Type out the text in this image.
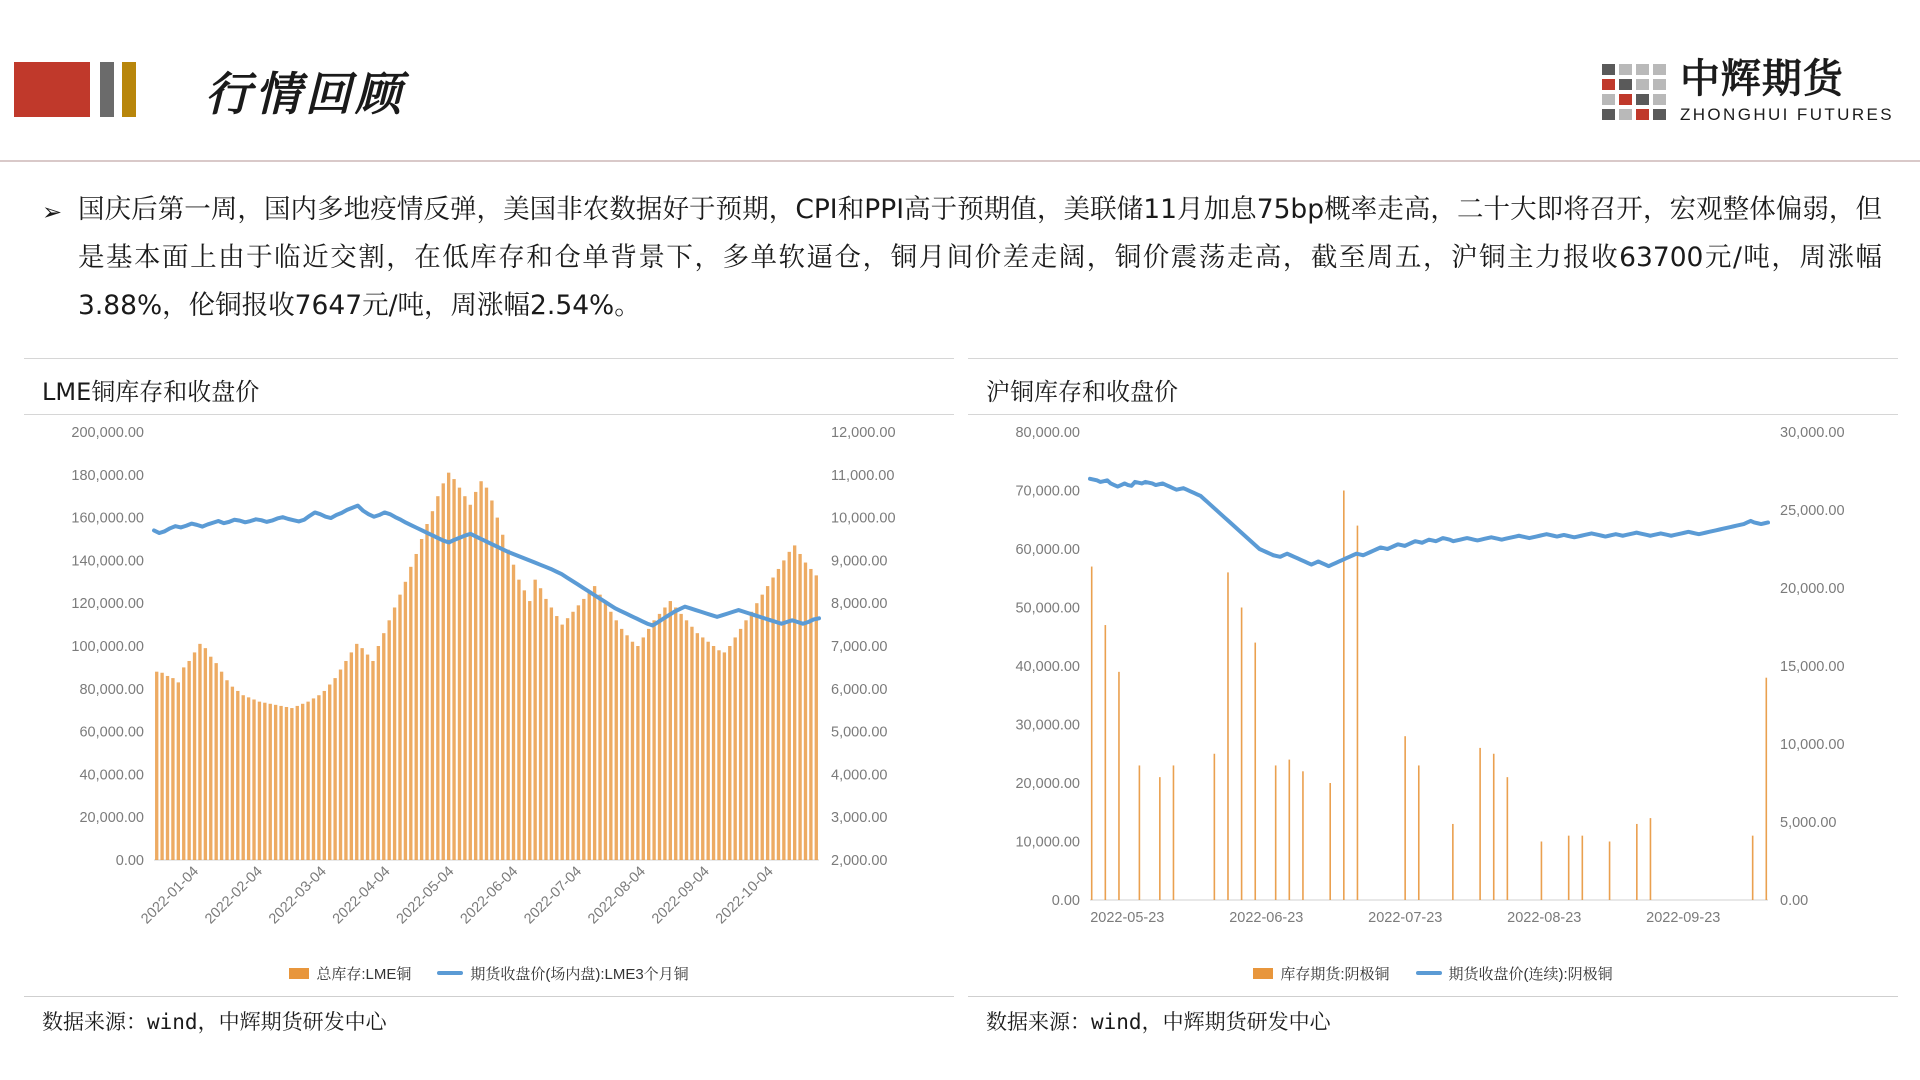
行情回顾	中辉期货
ZHONGHUI FUTURES
➢ 国庆后第一周，国内多地疫情反弹，美国非农数据好于预期，CPI和PPI高于预期值，美联储11月加息75bp概率走高，二十大即将召开，宏观整体偏弱，但是基本面上由于临近交割，在低库存和仓单背景下，多单软逼仓，铜月间价差走阔，铜价震荡走高，截至周五，沪铜主力报收63700元/吨，周涨幅3.88%，伦铜报收7647元/吨，周涨幅2.54%。
LME铜库存和收盘价
0.00
20,000.00
40,000.00
60,000.00
80,000.00
100,000.00
120,000.00
140,000.00
160,000.00
180,000.00
200,000.00
2,000.00
3,000.00
4,000.00
5,000.00
6,000.00
7,000.00
8,000.00
9,000.00
10,000.00
11,000.00
12,000.00
2022-01-04 2022-02-04 2022-03-04 2022-04-04 2022-05-04 2022-06-04 2022-07-04 2022-08-04 2022-09-04 2022-10-04
总库存:LME铜	期货收盘价(场内盘):LME3个月铜
数据来源：wind，中辉期货研发中心
沪铜库存和收盘价
0.00
10,000.00
20,000.00
30,000.00
40,000.00
50,000.00
60,000.00
70,000.00
80,000.00
0.00
5,000.00
10,000.00
15,000.00
20,000.00
25,000.00
30,000.00
2022-05-23	2022-06-23	2022-07-23	2022-08-23	2022-09-23
库存期货:阴极铜	期货收盘价(连续):阴极铜
数据来源：wind，中辉期货研发中心
